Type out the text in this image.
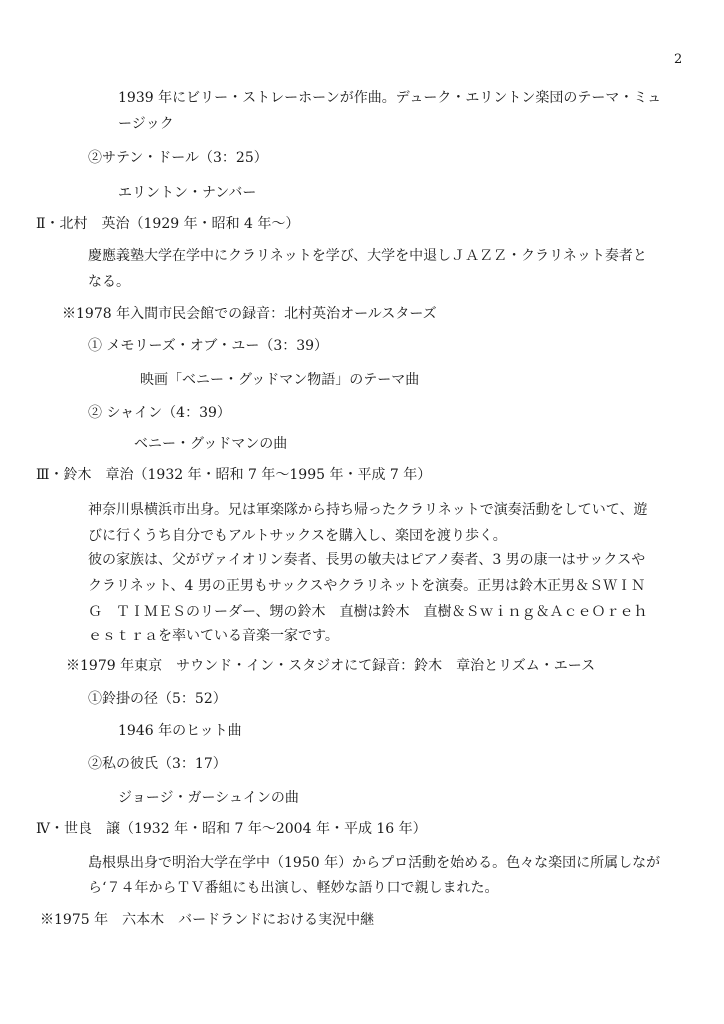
2
1939 年にビリー・ストレーホーンが作曲。デューク・エリントン楽団のテーマ・ミュ
ージック
②サテン・ドール（3：25）
エリントン・ナンバー
Ⅱ・北村　英治（1929 年・昭和 4 年〜）
慶應義塾大学在学中にクラリネットを学び、大学を中退しＪＡＺＺ・クラリネット奏者と
なる。
※1978 年入間市民会館での録音：北村英治オールスターズ
① メモリーズ・オブ・ユー（3：39）
映画「ベニー・グッドマン物語」のテーマ曲
② シャイン（4：39）
ベニー・グッドマンの曲
Ⅲ・鈴木　章治（1932 年・昭和 7 年〜1995 年・平成 7 年）
神奈川県横浜市出身。兄は軍楽隊から持ち帰ったクラリネットで演奏活動をしていて、遊
びに行くうち自分でもアルトサックスを購入し、楽団を渡り歩く。
彼の家族は、父がヴァイオリン奏者、長男の敏夫はピアノ奏者、3 男の康一はサックスや
クラリネット、4 男の正男もサックスやクラリネットを演奏。正男は鈴木正男＆ＳＷＩＮ
Ｇ　ＴＩＭＥＳのリーダー、甥の鈴木　直樹は鈴木　直樹＆Ｓｗｉｎｇ＆ＡｃｅＯｒｅｈ
ｅｓｔｒａを率いている音楽一家です。
※1979 年東京　サウンド・イン・スタジオにて録音：鈴木　章治とリズム・エース
①鈴掛の径（5：52）
1946 年のヒット曲
②私の彼氏（3：17）
ジョージ・ガーシュインの曲
Ⅳ・世良　譲（1932 年・昭和 7 年〜2004 年・平成 16 年）
島根県出身で明治大学在学中（1950 年）からプロ活動を始める。色々な楽団に所属しなが
ら‘７４年からＴＶ番組にも出演し、軽妙な語り口で親しまれた。
※1975 年　六本木　バードランドにおける実況中継
